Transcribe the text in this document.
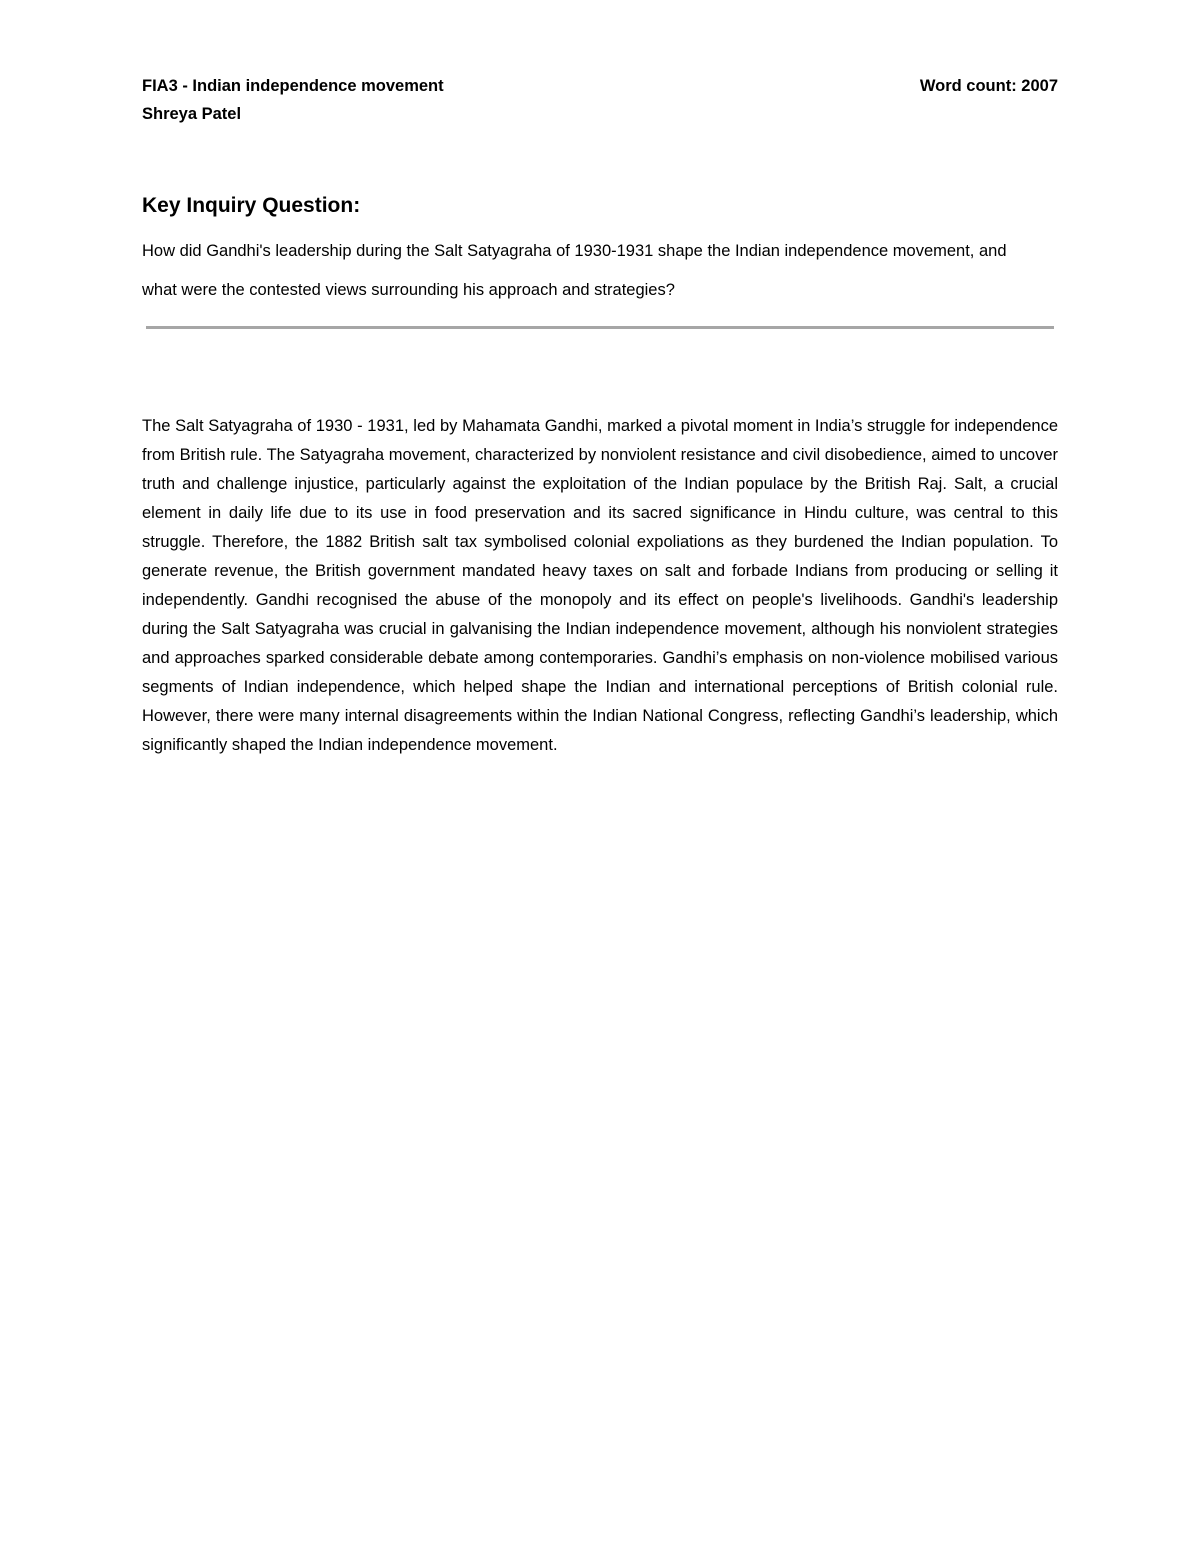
FIA3 - Indian independence movement
Shreya Patel
Word count: 2007
Key Inquiry Question:
How did Gandhi's leadership during the Salt Satyagraha of 1930-1931 shape the Indian independence movement, and what were the contested views surrounding his approach and strategies?

The Salt Satyagraha of 1930 - 1931, led by Mahamata Gandhi, marked a pivotal moment in India’s struggle for independence from British rule. The Satyagraha movement, characterized by nonviolent resistance and civil disobedience, aimed to uncover truth and challenge injustice, particularly against the exploitation of the Indian populace by the British Raj. Salt, a crucial element in daily life due to its use in food preservation and its sacred significance in Hindu culture, was central to this struggle. Therefore, the 1882 British salt tax symbolised colonial expoliations as they burdened the Indian population. To generate revenue, the British government mandated heavy taxes on salt and forbade Indians from producing or selling it independently. Gandhi recognised the abuse of the monopoly and its effect on people's livelihoods. Gandhi's leadership during the Salt Satyagraha was crucial in galvanising the Indian independence movement, although his nonviolent strategies and approaches sparked considerable debate among contemporaries. Gandhi’s emphasis on non-violence mobilised various segments of Indian independence, which helped shape the Indian and international perceptions of British colonial rule. However, there were many internal disagreements within the Indian National Congress, reflecting Gandhi’s leadership, which significantly shaped the Indian independence movement.
